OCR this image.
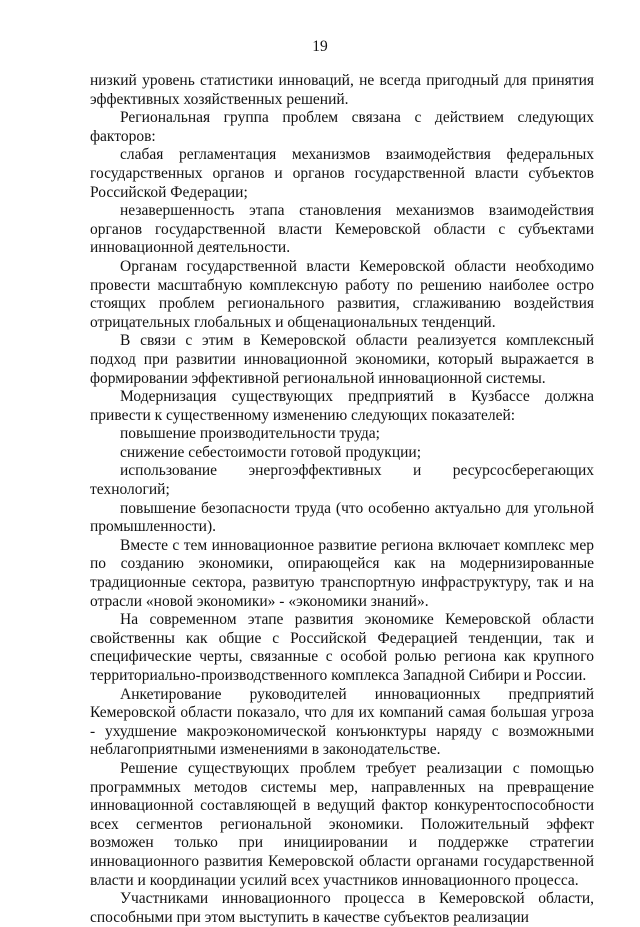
19

низкий уровень статистики инноваций, не всегда пригодный для принятия эффективных хозяйственных решений.

Региональная группа проблем связана с действием следующих факторов:

слабая регламентация механизмов взаимодействия федеральных государственных органов и органов государственной власти субъектов Российской Федерации;

незавершенность этапа становления механизмов взаимодействия органов государственной власти Кемеровской области с субъектами инновационной деятельности.

Органам государственной власти Кемеровской области необходимо провести масштабную комплексную работу по решению наиболее остро стоящих проблем регионального развития, сглаживанию воздействия отрицательных глобальных и общенациональных тенденций.

В связи с этим в Кемеровской области реализуется комплексный подход при развитии инновационной экономики, который выражается в формировании эффективной региональной инновационной системы.

Модернизация существующих предприятий в Кузбассе должна привести к существенному изменению следующих показателей:

повышение производительности труда;

снижение себестоимости готовой продукции;

использование энергоэффективных и ресурсосберегающих технологий;

повышение безопасности труда (что особенно актуально для угольной промышленности).

Вместе с тем инновационное развитие региона включает комплекс мер по созданию экономики, опирающейся как на модернизированные традиционные сектора, развитую транспортную инфраструктуру, так и на отрасли «новой экономики» - «экономики знаний».

На современном этапе развития экономике Кемеровской области свойственны как общие с Российской Федерацией тенденции, так и специфические черты, связанные с особой ролью региона как крупного территориально-производственного комплекса Западной Сибири и России.

Анкетирование руководителей инновационных предприятий Кемеровской области показало, что для их компаний самая большая угроза - ухудшение макроэкономической конъюнктуры наряду с возможными неблагоприятными изменениями в законодательстве.

Решение существующих проблем требует реализации с помощью программных методов системы мер, направленных на превращение инновационной составляющей в ведущий фактор конкурентоспособности всех сегментов региональной экономики. Положительный эффект возможен только при инициировании и поддержке стратегии инновационного развития Кемеровской области органами государственной власти и координации усилий всех участников инновационного процесса.

Участниками инновационного процесса в Кемеровской области, способными при этом выступить в качестве субъектов реализации
